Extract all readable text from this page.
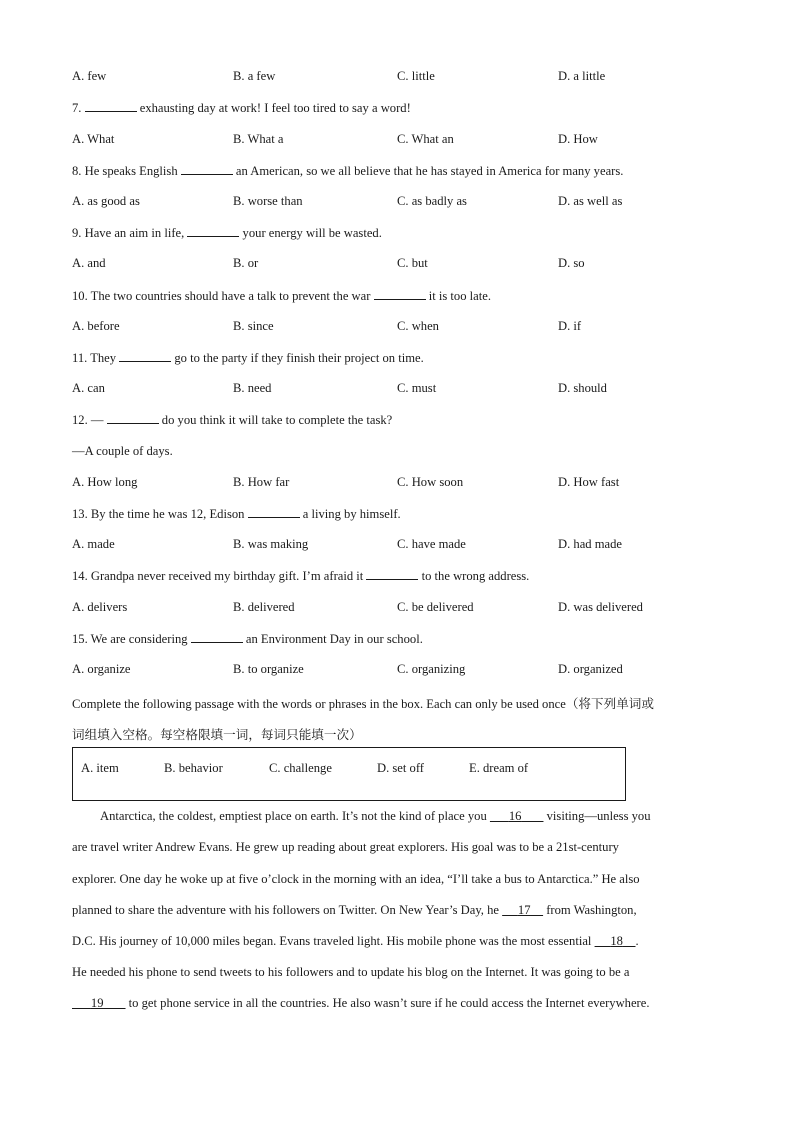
A. few	B. a few	C. little	D. a little
7.	exhausting day at work! I feel too tired to say a word!
A. What	B. What a	C. What an	D. How
8. He speaks English	an American, so we all believe that he has stayed in America for many years.
A. as good as	B. worse than	C. as badly as	D. as well as
9. Have an aim in life,	your energy will be wasted.
A. and	B. or	C. but	D. so
10. The two countries should have a talk to prevent the war	it is too late.
A. before	B. since	C. when	D. if
11. They	go to the party if they finish their project on time.
A. can	B. need	C. must	D. should
12. —	do you think it will take to complete the task?
—A couple of days.
A. How long	B. How far	C. How soon	D. How fast
13. By the time he was 12, Edison	a living by himself.
A. made	B. was making	C. have made	D. had made
14. Grandpa never received my birthday gift. I’m afraid it	to the wrong address.
A. delivers	B. delivered	C. be delivered	D. was delivered
15. We are considering	an Environment Day in our school.
A. organize	B. to organize	C. organizing	D. organized
Complete the following passage with the words or phrases in the box. Each can only be used once（将下列单词或
词组填入空格。每空格限填一词，每词只能填一次）
A. item	B. behavior	C. challenge	D. set off	E. dream of
Antarctica, the coldest, emptiest place on earth. It’s not the kind of place you       16        visiting—unless you
are travel writer Andrew Evans. He grew up reading about great explorers. His goal was to be a 21st-century
explorer. One day he woke up at five o’clock in the morning with an idea, “I’ll take a bus to Antarctica.” He also
planned to share the adventure with his followers on Twitter. On New Year’s Day, he      17     from Washington,
D.C. His journey of 10,000 miles began. Evans traveled light. His mobile phone was the most essential      18 .
He needed his phone to send tweets to his followers and to update his blog on the Internet. It was going to be a
19        to get phone service in all the countries. He also wasn’t sure if he could access the Internet everywhere.
